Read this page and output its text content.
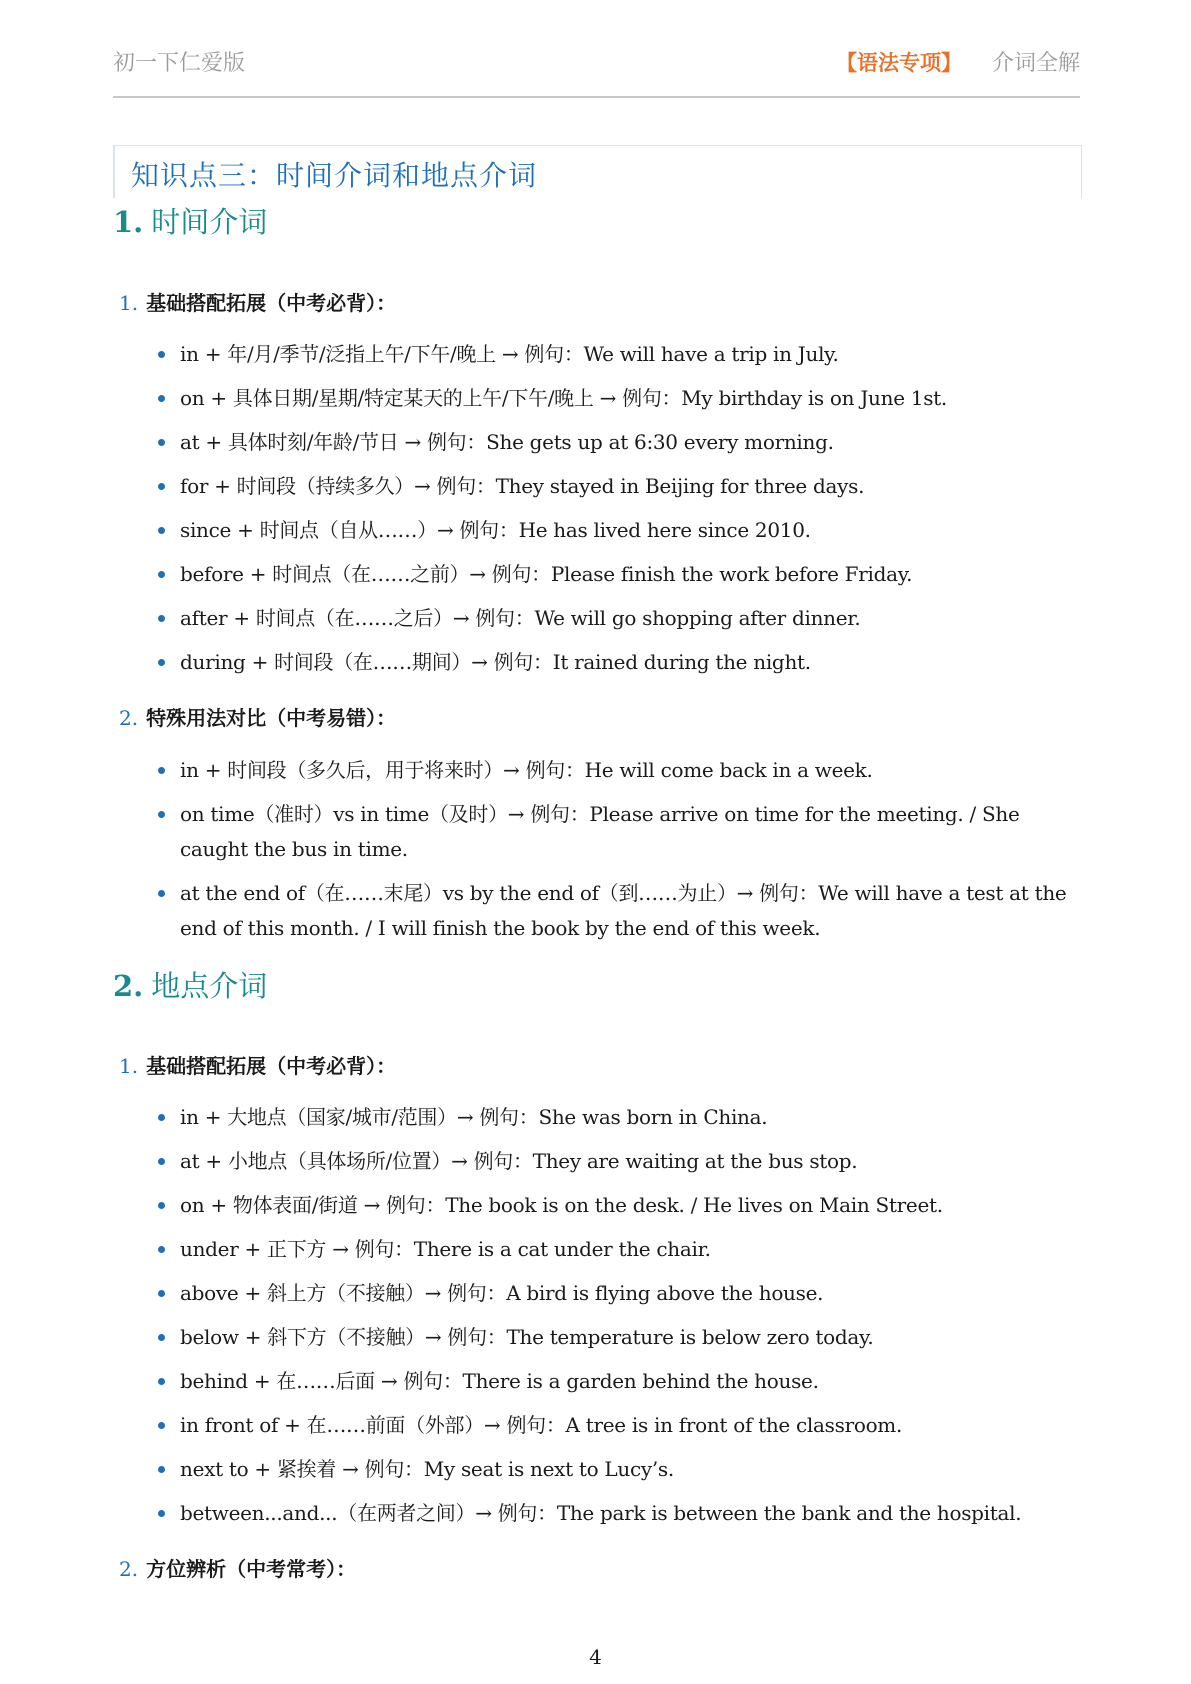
初一下仁爱版	【语法专项】 介词全解
知识点三：时间介词和地点介词
1. 时间介词
1. 基础搭配拓展（中考必背）：
in + 年/月/季节/泛指上午/下午/晚上 → 例句：We will have a trip in July.
on + 具体日期/星期/特定某天的上午/下午/晚上 → 例句：My birthday is on June 1st.
at + 具体时刻/年龄/节日 → 例句：She gets up at 6:30 every morning.
for + 时间段（持续多久）→ 例句：They stayed in Beijing for three days.
since + 时间点（自从……）→ 例句：He has lived here since 2010.
before + 时间点（在……之前）→ 例句：Please finish the work before Friday.
after + 时间点（在……之后）→ 例句：We will go shopping after dinner.
during + 时间段（在……期间）→ 例句：It rained during the night.
2. 特殊用法对比（中考易错）：
in + 时间段（多久后，用于将来时）→ 例句：He will come back in a week.
on time（准时）vs in time（及时）→ 例句：Please arrive on time for the meeting. / She caught the bus in time.
at the end of（在……末尾）vs by the end of（到……为止）→ 例句：We will have a test at the end of this month. / I will finish the book by the end of this week.
2. 地点介词
1. 基础搭配拓展（中考必背）：
in + 大地点（国家/城市/范围）→ 例句：She was born in China.
at + 小地点（具体场所/位置）→ 例句：They are waiting at the bus stop.
on + 物体表面/街道 → 例句：The book is on the desk. / He lives on Main Street.
under + 正下方 → 例句：There is a cat under the chair.
above + 斜上方（不接触）→ 例句：A bird is flying above the house.
below + 斜下方（不接触）→ 例句：The temperature is below zero today.
behind + 在……后面 → 例句：There is a garden behind the house.
in front of + 在……前面（外部）→ 例句：A tree is in front of the classroom.
next to + 紧挨着 → 例句：My seat is next to Lucy’s.
between...and...（在两者之间）→ 例句：The park is between the bank and the hospital.
2. 方位辨析（中考常考）：
4
